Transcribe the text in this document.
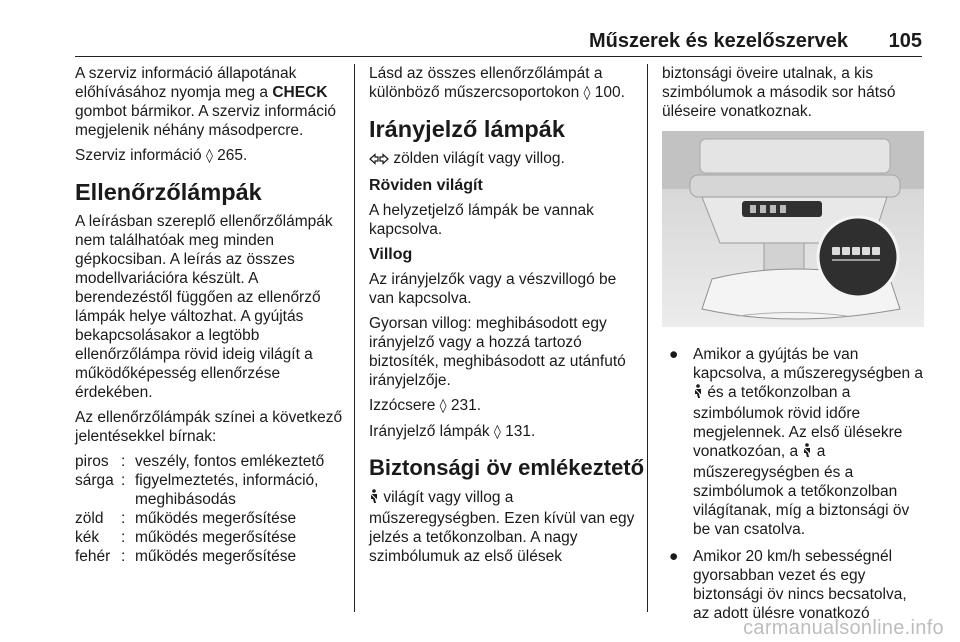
Műszerek és kezelőszervek 105

A szerviz információ állapotának előhívásához nyomja meg a CHECK gombot bármikor. A szerviz információ megjelenik néhány másodpercre.

Szerviz információ ◊ 265.

Ellenőrzőlámpák

A leírásban szereplő ellenőrzőlámpák nem találhatóak meg minden gépkocsiban. A leírás az összes modellvariációra készült. A berendezéstől függően az ellenőrző lámpák helye változhat. A gyújtás bekapcsolásakor a legtöbb ellenőrzőlámpa rövid ideig világít a működőképesség ellenőrzése érdekében.

Az ellenőrzőlámpák színei a következő jelentésekkel bírnak:

piros	:	veszély, fontos emlékeztető
sárga	:	figyelmeztetés, információ, meghibásodás
zöld	:	működés megerősítése
kék	:	működés megerősítése
fehér	:	működés megerősítése

Lásd az összes ellenőrzőlámpát a különböző műszercsoportokon ◊ 100.

Irányjelző lámpák

zölden világít vagy villog.

Röviden világít

A helyzetjelző lámpák be vannak kapcsolva.

Villog

Az irányjelzők vagy a vészvillogó be van kapcsolva.

Gyorsan villog: meghibásodott egy irányjelző vagy a hozzá tartozó biztosíték, meghibásodott az utánfutó irányjelzője.

Izzócsere ◊ 231.

Irányjelző lámpák ◊ 131.

Biztonsági öv emlékeztető

világít vagy villog a műszeregységben. Ezen kívül van egy jelzés a tetőkonzolban. A nagy szimbólumuk az első ülések

biztonsági öveire utalnak, a kis szimbólumok a második sor hátsó üléseire vonatkoznak.

● Amikor a gyújtás be van kapcsolva, a műszeregységben a  és a tetőkonzolban a szimbólumok rövid időre megjelennek. Az első ülésekre vonatkozóan, a a műszeregységben és a szimbólumok a tetőkonzolban világítanak, míg a biztonsági öv be van csatolva.
● Amikor 20 km/h sebességnél gyorsabban vezet és egy biztonsági öv nincs becsatolva, az adott ülésre vonatkozó
carmanualsonline.info
